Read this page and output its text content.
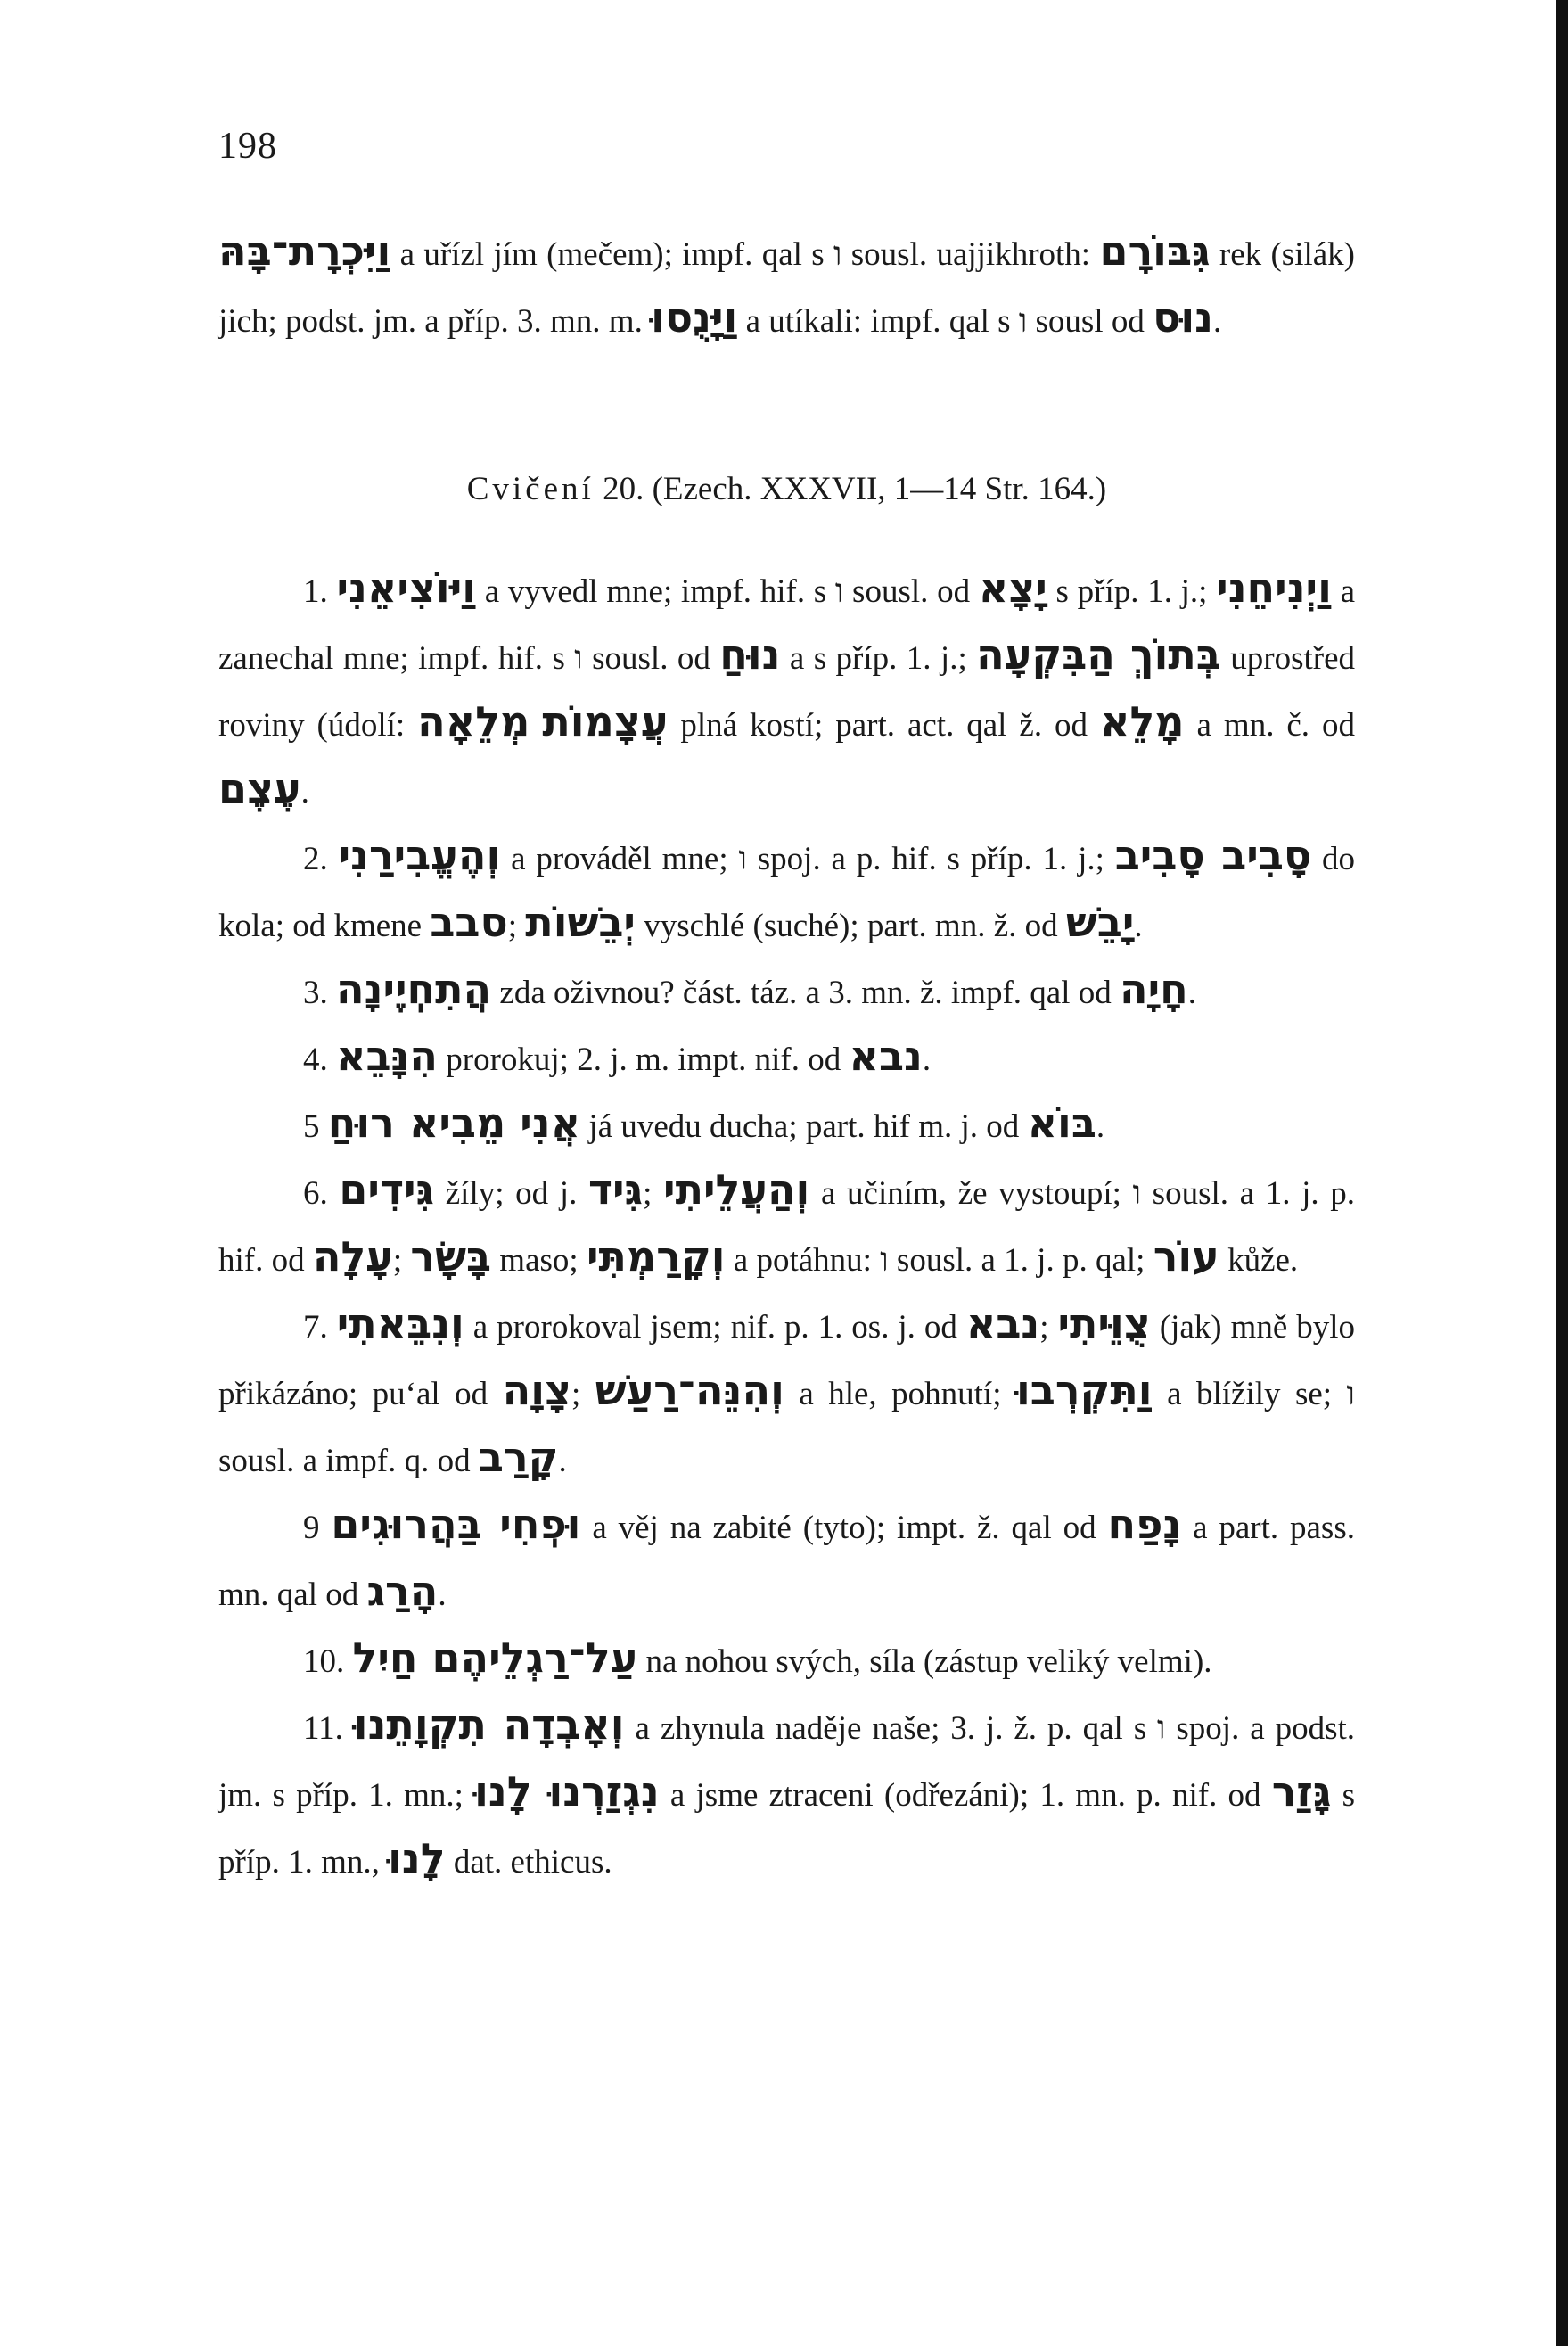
198

וַיִּכְרָת־בָּהּ a uřízl jím (mečem); impf. qal s ו sousl. uajjikhroth: גִּבּוֹרָם rek (silák) jich; podst. jm. a příp. 3. mn. m. וַיָּנֻסוּ a utíkali: impf. qal s ו sousl od נוּס.

Cvičení 20. (Ezech. XXXVII, 1—14 Str. 164.)

1. וַיּוֹצִיאֵנִי a vyvedl mne; impf. hif. s ו sousl. od יָצָא s příp. 1. j.; וַיְנִיחֵנִי a zanechal mne; impf. hif. s ו sousl. od נוּחַ a s příp. 1. j.; בְּתוֹךְ הַבִּקְעָה uprostřed roviny (údolí: מְלֵאָה עֲצָמוֹת plná kostí; part. act. qal ž. od מָלֵא a mn. č. od עֶצֶם.

2. וְהֶעֱבִירַנִי a prováděl mne; ו spoj. a p. hif. s příp. 1. j.; סָבִיב סָבִיב do kola; od kmene סבב; יְבֵשׁוֹת vyschlé (suché); part. mn. ž. od יָבֵשׁ.

3. הֲתִחְיֶינָה zda oživnou? část. táz. a 3. mn. ž. impf. qal od חָיָה.

4. הִנָּבֵא prorokuj; 2. j. m. impt. nif. od נבא.

5 אֲנִי מֵבִיא רוּחַ já uvedu ducha; part. hif m. j. od בּוֹא.

6. גִּידִים žíly; od j. גִּיד; וְהַעֲלֵיתִי a učiním, že vystoupí; ו sousl. a 1. j. p. hif. od עָלָה; בָּשָׂר maso; וְקָרַמְתִּי a potáhnu: ו sousl. a 1. j. p. qal; עוֹר kůže.

7. וְנִבֵּאתִי a prorokoval jsem; nif. p. 1. os. j. od נבא; צֻוֵּיתִי (jak) mně bylo přikázáno; pu‘al od צָוָה; וְהִנֵּה־רַעַשׁ a hle, pohnutí; וַתִּקְרְבוּ a blížily se; ו sousl. a impf. q. od קָרַב.

9 וּפְחִי בַּהֲרוּגִים a věj na zabité (tyto); impt. ž. qal od נָפַח a part. pass. mn. qal od הָרַג.

10. עַל־רַגְלֵיהֶם חַיִל na nohou svých, síla (zástup veliký velmi).

11. וְאָבְדָה תִקְוָתֵנוּ a zhynula naděje naše; 3. j. ž. p. qal s ו spoj. a podst. jm. s příp. 1. mn.; נִגְזַרְנוּ לָנוּ a jsme ztraceni (odřezáni); 1. mn. p. nif. od גָּזַר s příp. 1. mn., לָנוּ dat. ethicus.
